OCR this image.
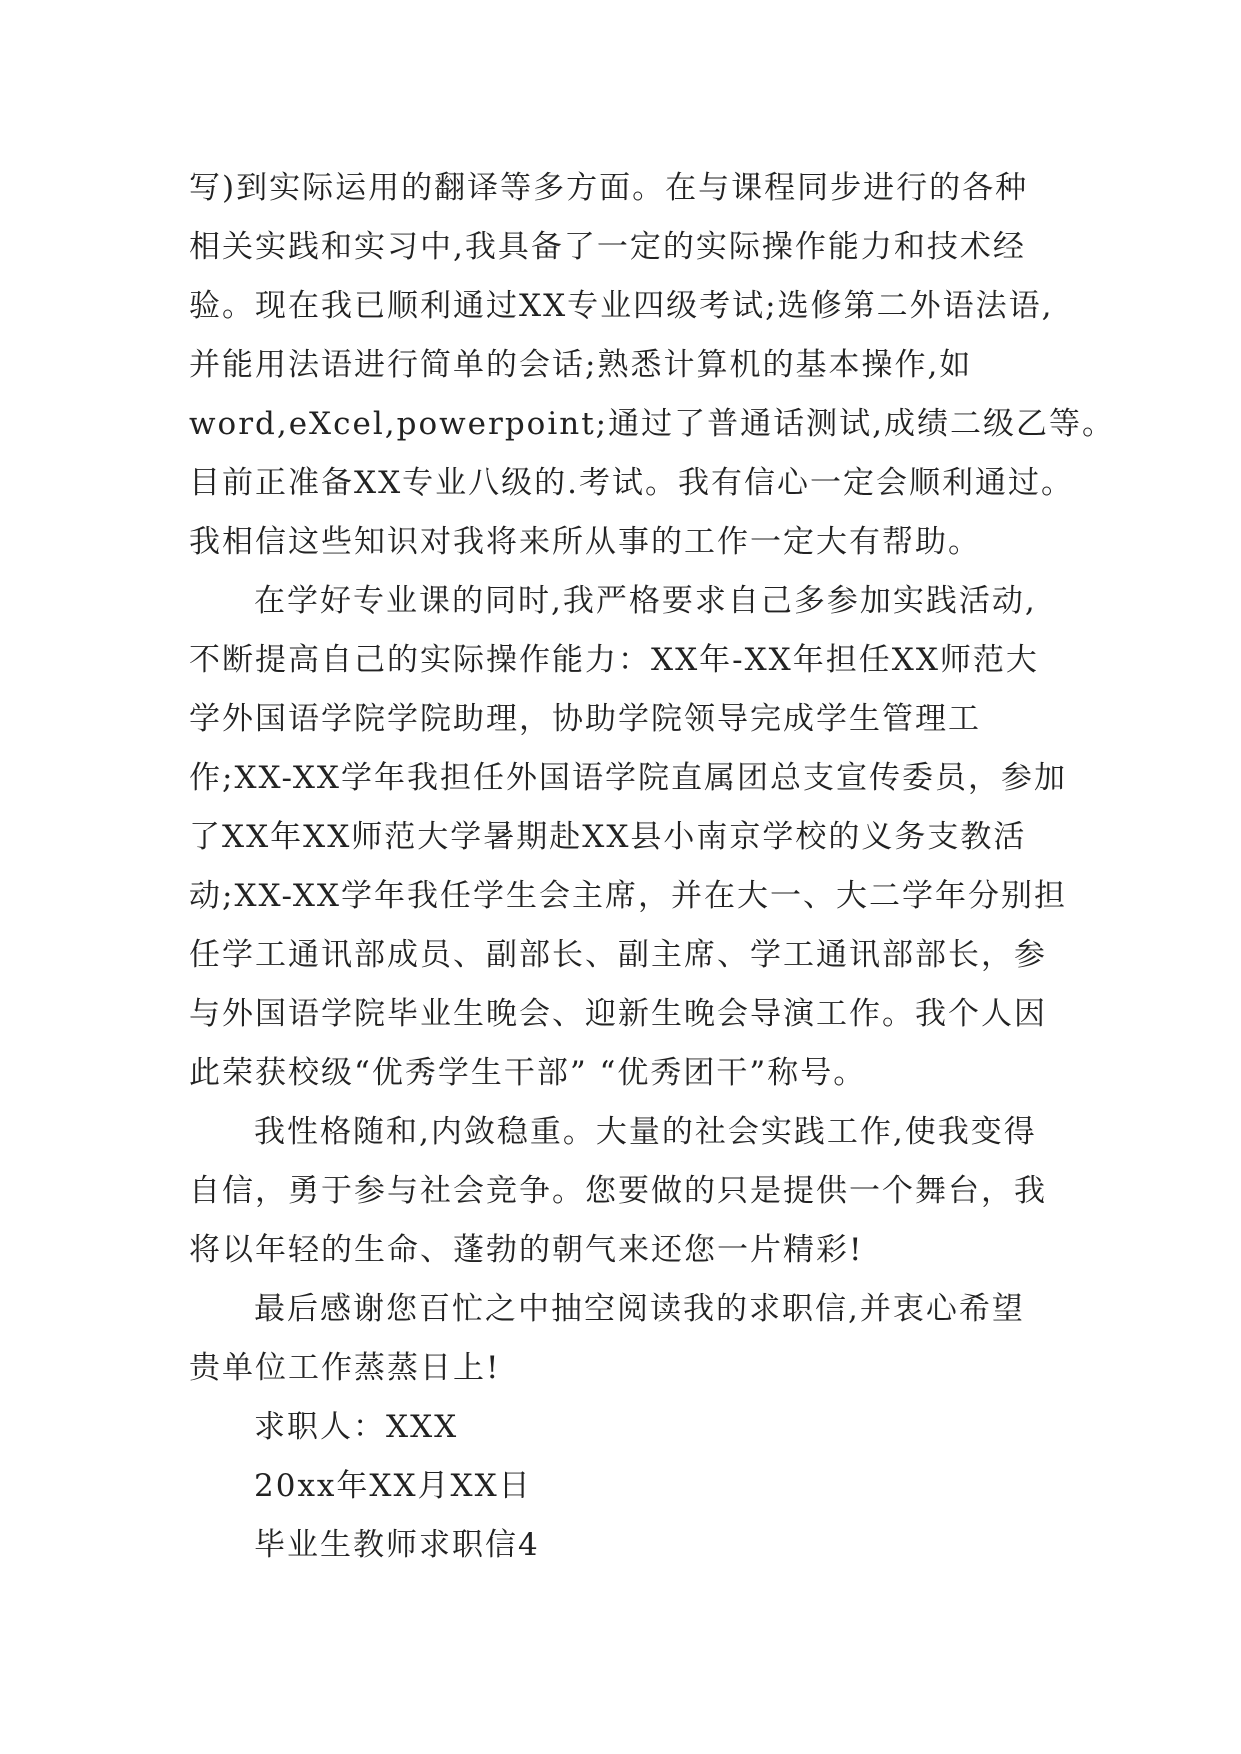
写)到实际运用的翻译等多方面。在与课程同步进行的各种
相关实践和实习中,我具备了一定的实际操作能力和技术经
验。现在我已顺利通过XX专业四级考试;选修第二外语法语,
并能用法语进行简单的会话;熟悉计算机的基本操作,如
word,eXcel,powerpoint;通过了普通话测试,成绩二级乙等。
目前正准备XX专业八级的.考试。我有信心一定会顺利通过。
我相信这些知识对我将来所从事的工作一定大有帮助。
在学好专业课的同时,我严格要求自己多参加实践活动,
不断提高自己的实际操作能力：XX年-XX年担任XX师范大
学外国语学院学院助理，协助学院领导完成学生管理工
作;XX-XX学年我担任外国语学院直属团总支宣传委员，参加
了XX年XX师范大学暑期赴XX县小南京学校的义务支教活
动;XX-XX学年我任学生会主席，并在大一、大二学年分别担
任学工通讯部成员、副部长、副主席、学工通讯部部长，参
与外国语学院毕业生晚会、迎新生晚会导演工作。我个人因
此荣获校级“优秀学生干部” “优秀团干”称号。
我性格随和,内敛稳重。大量的社会实践工作,使我变得
自信，勇于参与社会竞争。您要做的只是提供一个舞台，我
将以年轻的生命、蓬勃的朝气来还您一片精彩!
最后感谢您百忙之中抽空阅读我的求职信,并衷心希望
贵单位工作蒸蒸日上!
求职人：XXX
20xx年XX月XX日
毕业生教师求职信4
